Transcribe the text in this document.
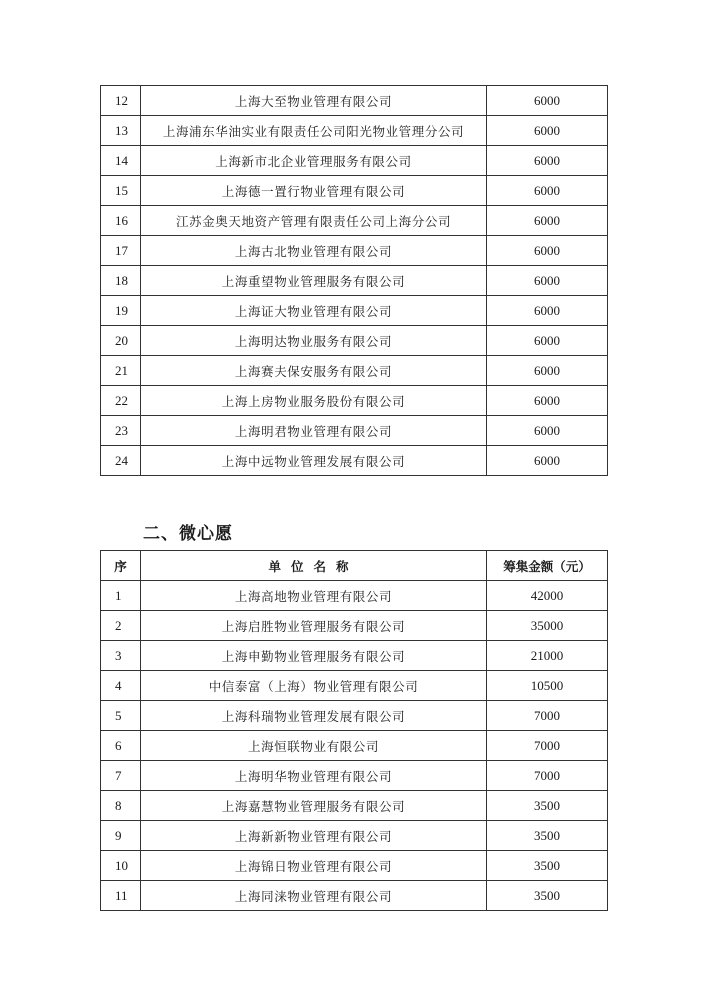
12	上海大至物业管理有限公司	6000
13	上海浦东华油实业有限责任公司阳光物业管理分公司	6000
14	上海新市北企业管理服务有限公司	6000
15	上海德一置行物业管理有限公司	6000
16	江苏金奥天地资产管理有限责任公司上海分公司	6000
17	上海古北物业管理有限公司	6000
18	上海重望物业管理服务有限公司	6000
19	上海证大物业管理有限公司	6000
20	上海明达物业服务有限公司	6000
21	上海赛夫保安服务有限公司	6000
22	上海上房物业服务股份有限公司	6000
23	上海明君物业管理有限公司	6000
24	上海中远物业管理发展有限公司	6000
二、微心愿
序	单位名称	筹集金额（元）
1	上海高地物业管理有限公司	42000
2	上海启胜物业管理服务有限公司	35000
3	上海申勤物业管理服务有限公司	21000
4	中信泰富（上海）物业管理有限公司	10500
5	上海科瑞物业管理发展有限公司	7000
6	上海恒联物业有限公司	7000
7	上海明华物业管理有限公司	7000
8	上海嘉慧物业管理服务有限公司	3500
9	上海新新物业管理有限公司	3500
10	上海锦日物业管理有限公司	3500
11	上海同涞物业管理有限公司	3500
